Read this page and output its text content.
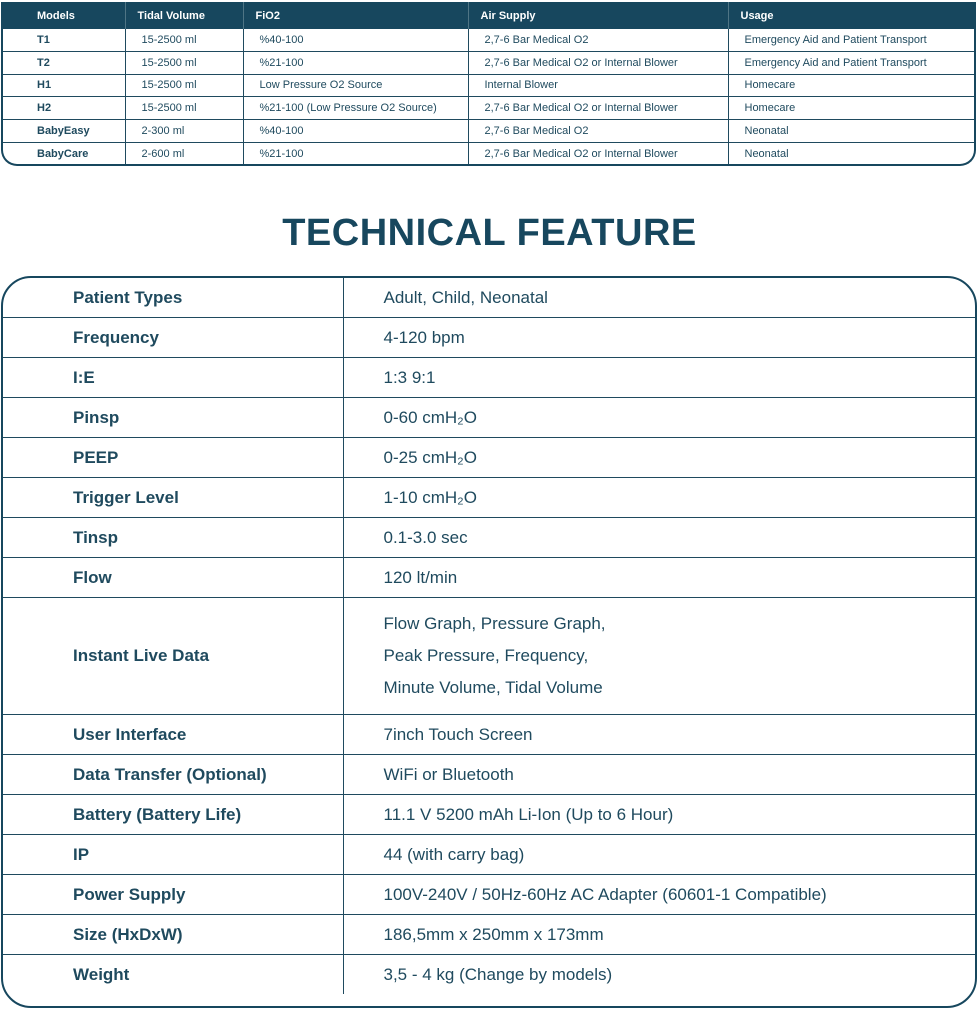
Models	Tidal Volume	FiO2	Air Supply	Usage
T1	15-2500 ml	%40-100	2,7-6 Bar Medical O2	Emergency Aid and Patient Transport
T2	15-2500 ml	%21-100	2,7-6 Bar Medical O2 or Internal Blower	Emergency Aid and Patient Transport
H1	15-2500 ml	Low Pressure O2 Source	Internal Blower	Homecare
H2	15-2500 ml	%21-100 (Low Pressure O2 Source)	2,7-6 Bar Medical O2 or Internal Blower	Homecare
BabyEasy	2-300 ml	%40-100	2,7-6 Bar Medical O2	Neonatal
BabyCare	2-600 ml	%21-100	2,7-6 Bar Medical O2 or Internal Blower	Neonatal
TECHNICAL FEATURE
Patient Types	Adult, Child, Neonatal

Frequency	4-120 bpm

I:E	1:3 9:1

Pinsp	0-60 cmH₂O

PEEP	0-25 cmH₂O

Trigger Level	1-10 cmH₂O

Tinsp	0.1-3.0 sec

Flow	120 lt/min

Instant Live Data	Flow Graph, Pressure Graph,
Peak Pressure, Frequency,
Minute Volume, Tidal Volume

User Interface	7inch Touch Screen

Data Transfer (Optional)	WiFi or Bluetooth

Battery (Battery Life)	11.1 V 5200 mAh Li-Ion (Up to 6 Hour)

IP	44 (with carry bag)

Power Supply	100V-240V / 50Hz-60Hz AC Adapter (60601-1 Compatible)

Size (HxDxW)	186,5mm x 250mm x 173mm

Weight	3,5 - 4 kg (Change by models)
